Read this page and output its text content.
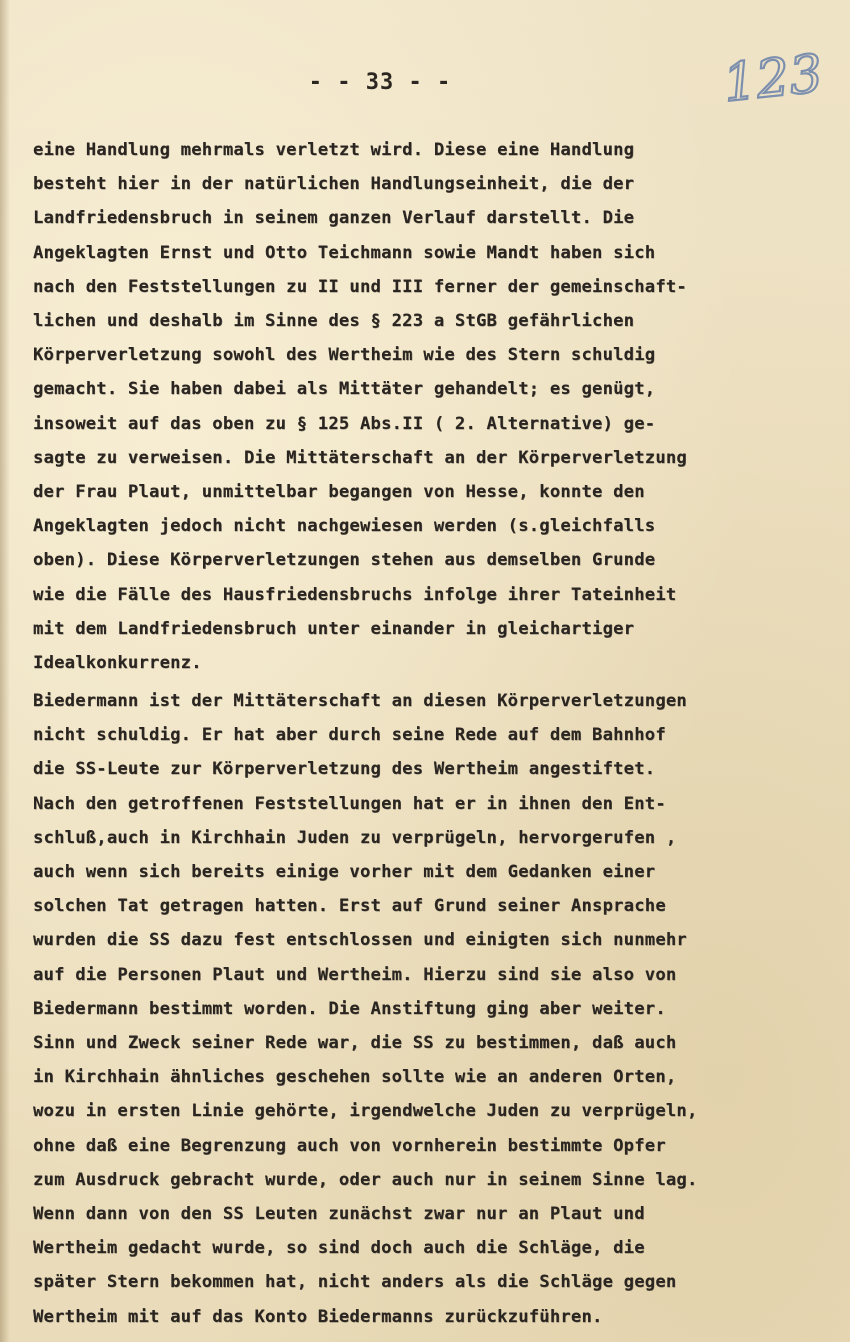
- - 33 - -	123
eine Handlung mehrmals verletzt wird. Diese eine Handlung
besteht hier in der natürlichen Handlungseinheit, die der
Landfriedensbruch in seinem ganzen Verlauf darstellt. Die
Angeklagten Ernst und Otto Teichmann sowie Mandt haben sich
nach den Feststellungen zu II und III ferner der gemeinschaft-
lichen und deshalb im Sinne des § 223 a StGB gefährlichen
Körperverletzung sowohl des Wertheim wie des Stern schuldig
gemacht. Sie haben dabei als Mittäter gehandelt; es genügt,
insoweit auf das oben zu § 125 Abs.II ( 2. Alternative) ge-
sagte zu verweisen. Die Mittäterschaft an der Körperverletzung
der Frau Plaut, unmittelbar begangen von Hesse, konnte den
Angeklagten jedoch nicht nachgewiesen werden (s.gleichfalls
oben). Diese Körperverletzungen stehen aus demselben Grunde
wie die Fälle des Hausfriedensbruchs infolge ihrer Tateinheit
mit dem Landfriedensbruch unter einander in gleichartiger
Idealkonkurrenz.
Biedermann ist der Mittäterschaft an diesen Körperverletzungen
nicht schuldig. Er hat aber durch seine Rede auf dem Bahnhof
die SS-Leute zur Körperverletzung des Wertheim angestiftet.
Nach den getroffenen Feststellungen hat er in ihnen den Ent-
schluß,auch in Kirchhain Juden zu verprügeln, hervorgerufen ,
auch wenn sich bereits einige vorher mit dem Gedanken einer
solchen Tat getragen hatten. Erst auf Grund seiner Ansprache
wurden die SS dazu fest entschlossen und einigten sich nunmehr
auf die Personen Plaut und Wertheim. Hierzu sind sie also von
Biedermann bestimmt worden. Die Anstiftung ging aber weiter.
Sinn und Zweck seiner Rede war, die SS zu bestimmen, daß auch
in Kirchhain ähnliches geschehen sollte wie an anderen Orten,
wozu in ersten Linie gehörte, irgendwelche Juden zu verprügeln,
ohne daß eine Begrenzung auch von vornherein bestimmte Opfer
zum Ausdruck gebracht wurde, oder auch nur in seinem Sinne lag.
Wenn dann von den SS Leuten zunächst zwar nur an Plaut und
Wertheim gedacht wurde, so sind doch auch die Schläge, die
später Stern bekommen hat, nicht anders als die Schläge gegen
Wertheim mit auf das Konto Biedermanns zurückzuführen.
